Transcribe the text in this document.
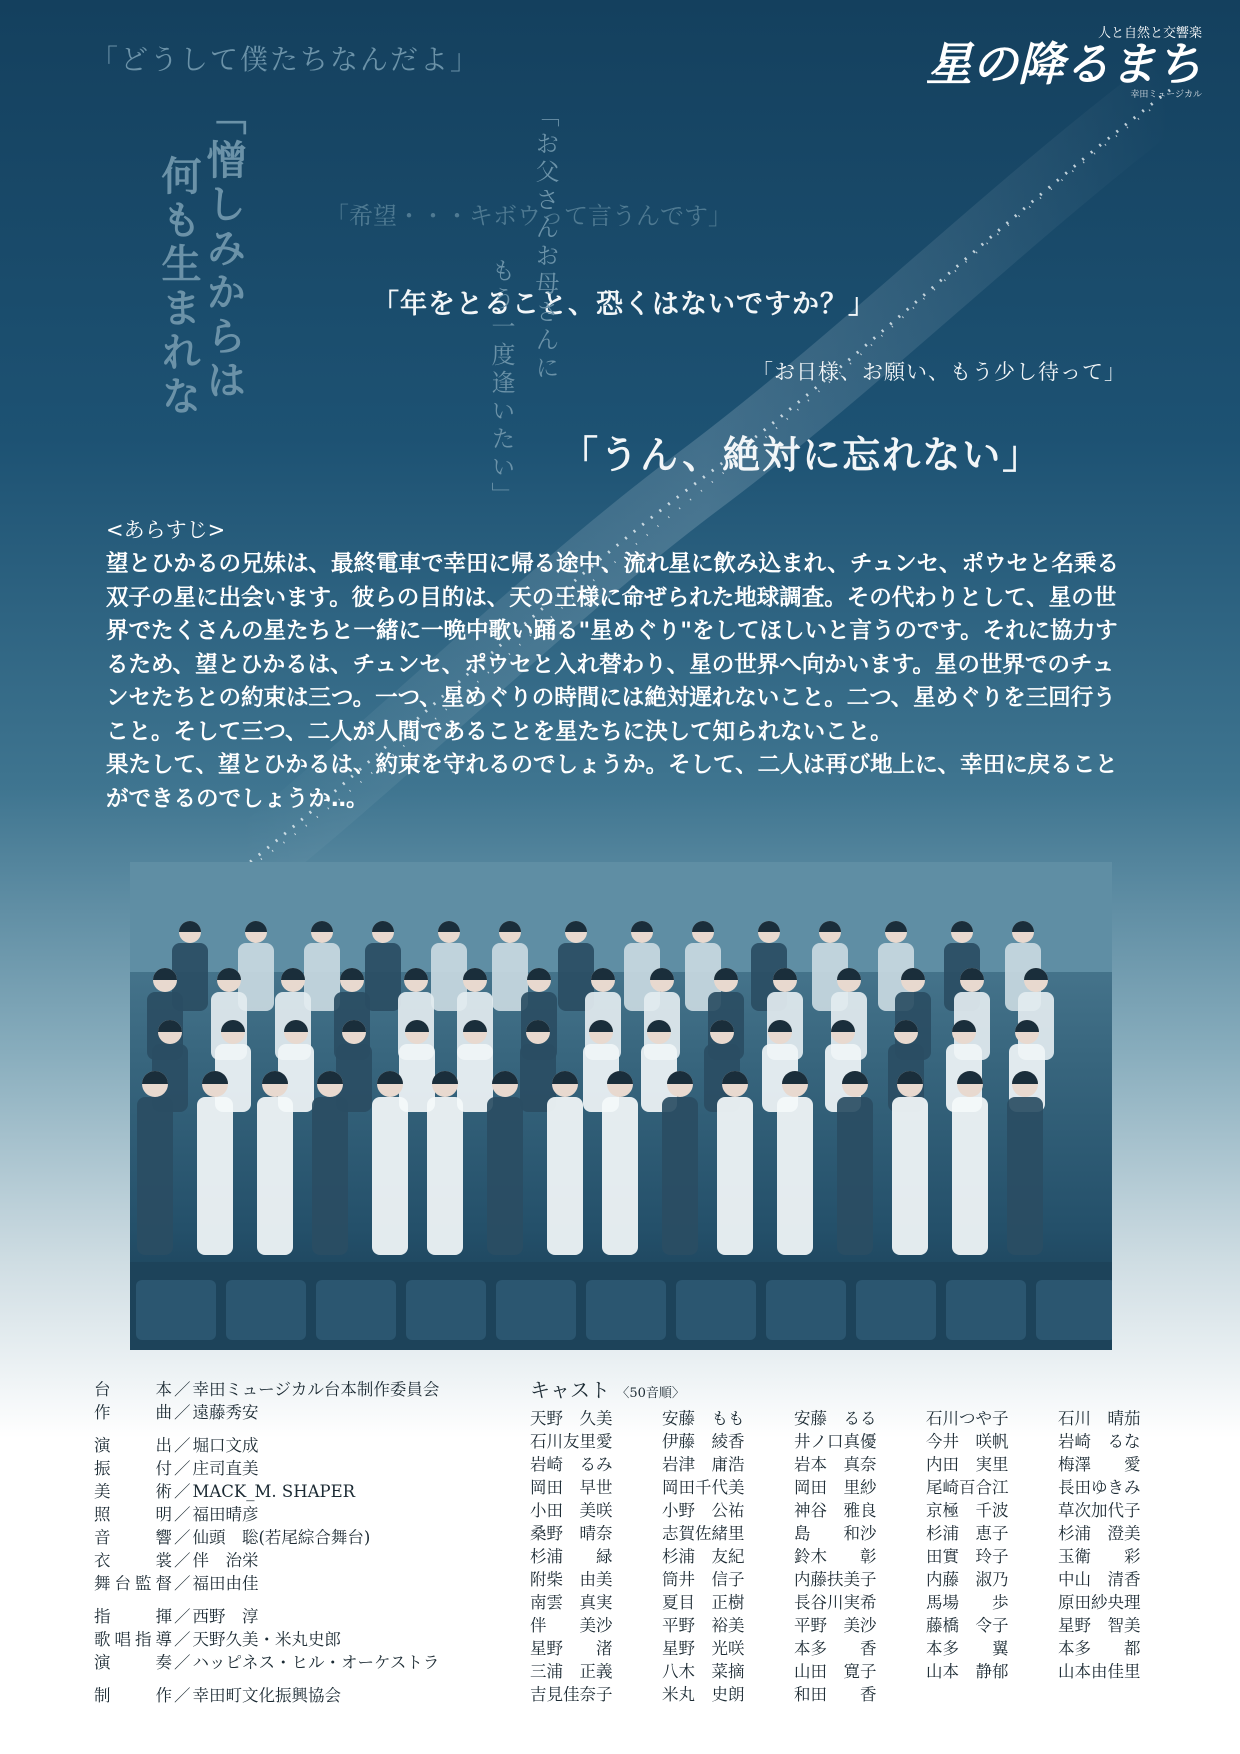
人と自然と交響楽
星の降るまち
幸田ミュージカル
「どうして僕たちなんだよ」
「希望・・・キボウって言うんです」
「年をとること、恐くはないですか？」
「お日様、お願い、もう少し待って」
「うん、絶対に忘れない」
「憎しみからは
何も生まれな	「お父さんお母さんに
もう一度逢いたい」
<あらすじ>

望とひかるの兄妹は、最終電車で幸田に帰る途中、流れ星に飲み込まれ、チュンセ、ポウセと名乗る

双子の星に出会います。彼らの目的は、天の王様に命ぜられた地球調査。その代わりとして、星の世

界でたくさんの星たちと一緒に一晩中歌い踊る"星めぐり"をしてほしいと言うのです。それに協力す

るため、望とひかるは、チュンセ、ポウセと入れ替わり、星の世界へ向かいます。星の世界でのチュ

ンセたちとの約束は三つ。一つ、星めぐりの時間には絶対遅れないこと。二つ、星めぐりを三回行う

こと。そして三つ、二人が人間であることを星たちに決して知られないこと。

果たして、望とひかるは、約束を守れるのでしょうか。そして、二人は再び地上に、幸田に戻ること

ができるのでしょうか‥。

台本 ／ 幸田ミュージカル台本制作委員会
作曲 ／ 遠藤秀安
演出 ／ 堀口文成
振付 ／ 庄司直美
美術 ／ MACK_M. SHAPER
照明 ／ 福田晴彦
音響 ／ 仙頭　聡(若尾綜合舞台)
衣裳 ／ 伴　治栄
舞台監督 ／ 福田由佳
指揮 ／ 西野　淳
歌唱指導 ／ 天野久美・米丸史郎
演奏 ／ ハッピネス・ヒル・オーケストラ
制作 ／ 幸田町文化振興協会
キャスト 〈50音順〉
天野　久美	安藤　もも	安藤　るる	石川つや子	石川　晴茄
石川友里愛	伊藤　綾香	井ノ口真優	今井　咲帆	岩崎　るな
岩崎　るみ	岩津　庸浩	岩本　真奈	内田　実里	梅澤　　愛
岡田　早世	岡田千代美	岡田　里紗	尾崎百合江	長田ゆきみ
小田　美咲	小野　公祐	神谷　雅良	京極　千波	草次加代子
桑野　晴奈	志賀佐緒里	島　　和沙	杉浦　恵子	杉浦　澄美
杉浦　　緑	杉浦　友紀	鈴木　　彰	田實　玲子	玉衛　　彩
附柴　由美	筒井　信子	内藤扶美子	内藤　淑乃	中山　清香
南雲　真実	夏目　正樹	長谷川実希	馬場　　歩	原田紗央理
伴　　美沙	平野　裕美	平野　美沙	藤橋　令子	星野　智美
星野　　渚	星野　光咲	本多　　香	本多　　翼	本多　　都
三浦　正義	八木　菜摘	山田　寛子	山本　静郁	山本由佳里
吉見佳奈子	米丸　史朗	和田　　香
